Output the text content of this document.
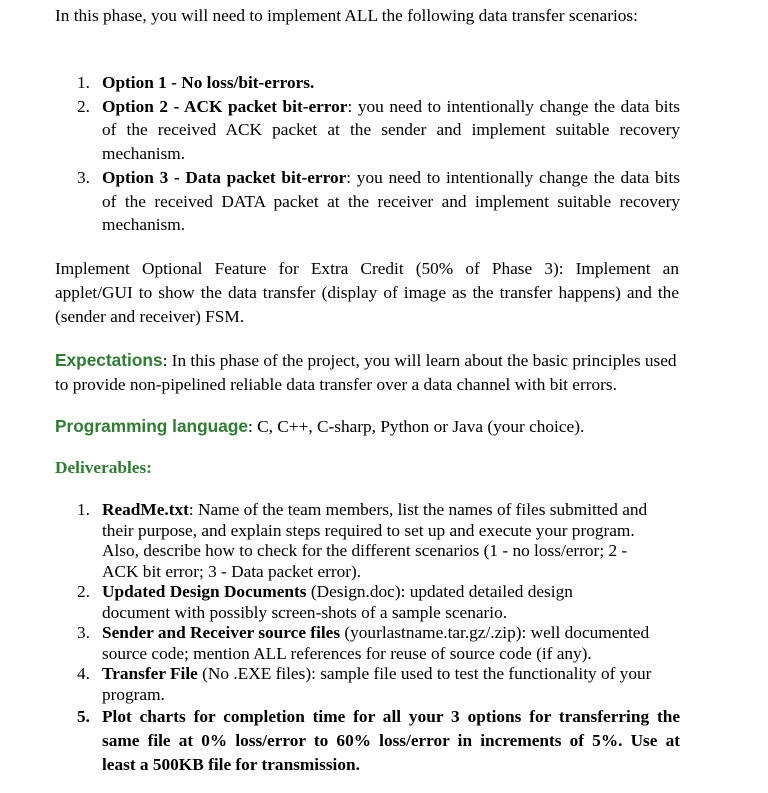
In this phase, you will need to implement ALL the following data transfer scenarios:

1. Option 1 - No loss/bit-errors.
2. Option 2 - ACK packet bit-error: you need to intentionally change the data bits
of the received ACK packet at the sender and implement suitable recovery
mechanism.
3. Option 3 - Data packet bit-error: you need to intentionally change the data bits
of the received DATA packet at the receiver and implement suitable recovery
mechanism.
Implement Optional Feature for Extra Credit (50% of Phase 3): Implement an
applet/GUI to show the data transfer (display of image as the transfer happens) and the
(sender and receiver) FSM.
Expectations: In this phase of the project, you will learn about the basic principles used
to provide non-pipelined reliable data transfer over a data channel with bit errors.
Programming language: C, C++, C-sharp, Python or Java (your choice).
Deliverables:
1. ReadMe.txt: Name of the team members, list the names of files submitted and
their purpose, and explain steps required to set up and execute your program.
Also, describe how to check for the different scenarios (1 - no loss/error; 2 -
ACK bit error; 3 - Data packet error).
2. Updated Design Documents (Design.doc): updated detailed design
document with possibly screen-shots of a sample scenario.
3. Sender and Receiver source files (yourlastname.tar.gz/.zip): well documented
source code; mention ALL references for reuse of source code (if any).
4. Transfer File (No .EXE files): sample file used to test the functionality of your
program.
5. Plot charts for completion time for all your 3 options for transferring the
same file at 0% loss/error to 60% loss/error in increments of 5%. Use at
least a 500KB file for transmission.
